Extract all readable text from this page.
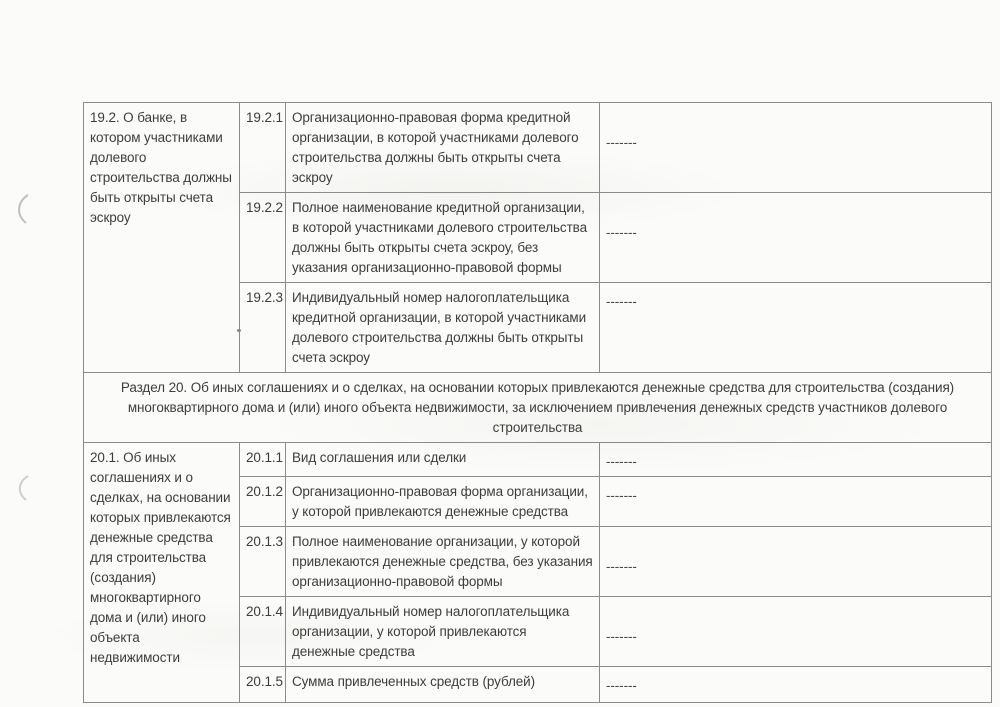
19.2. О банке, в котором участниками долевого строительства должны быть открыты счета эскроу	19.2.1	Организационно-правовая форма кредитной организации, в которой участниками долевого строительства должны быть открыты счета эскроу	-------
	19.2.2	Полное наименование кредитной организации, в которой участниками долевого строительства должны быть открыты счета эскроу, без указания организационно-правовой формы	-------
	19.2.3	Индивидуальный номер налогоплательщика кредитной организации, в которой участниками долевого строительства должны быть открыты счета эскроу	-------
Раздел 20. Об иных соглашениях и о сделках, на основании которых привлекаются денежные средства для строительства (создания) многоквартирного дома и (или) иного объекта недвижимости, за исключением привлечения денежных средств участников долевого строительства			
20.1. Об иных соглашениях и о сделках, на основании которых привлекаются денежные средства для строительства (создания) многоквартирного дома и (или) иного объекта недвижимости	20.1.1	Вид соглашения или сделки	-------
	20.1.2	Организационно-правовая форма организации, у которой привлекаются денежные средства	-------
	20.1.3	Полное наименование организации, у которой привлекаются денежные средства, без указания организационно-правовой формы	-------
	20.1.4	Индивидуальный номер налогоплательщика организации, у которой привлекаются денежные средства	-------
	20.1.5	Сумма привлеченных средств (рублей)	-------
